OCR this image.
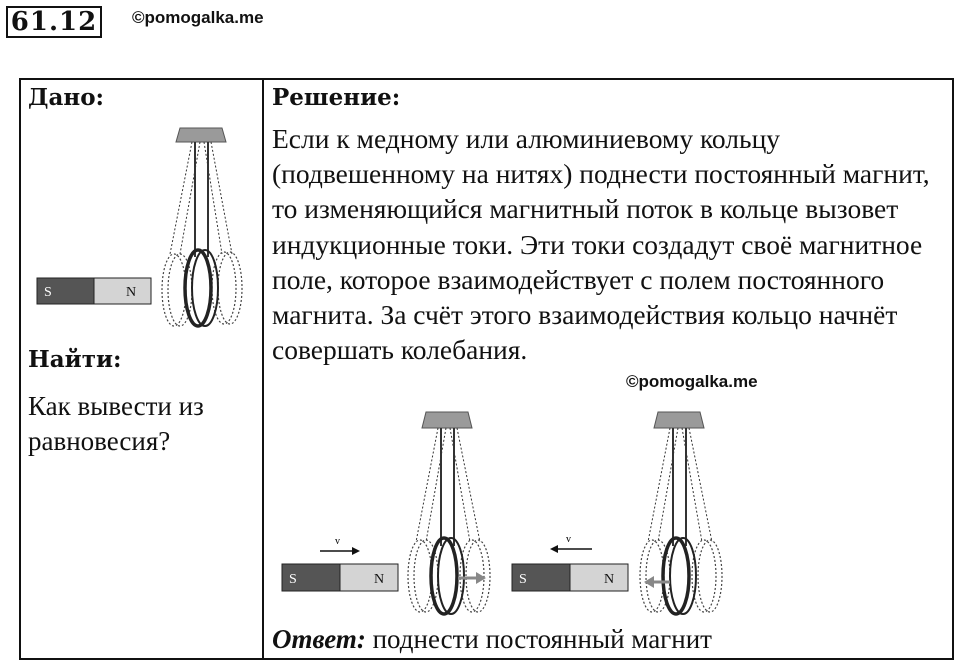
61.12 ©pomogalka.me
Дано:
S	N
Найти:
Как вывести из равновесия?
Решение:
Если к медному или алюминиевому кольцу (подвешенному на нитях) поднести постоянный магнит, то изменяющийся магнитный поток в кольце вызовет индукционные токи. Эти токи создадут своё магнитное поле, которое взаимодействует с полем постоянного магнита. За счёт этого взаимодействия кольцо начнёт совершать колебания.
©pomogalka.me
v
S	N
v
S	N
Ответ: поднести постоянный магнит
